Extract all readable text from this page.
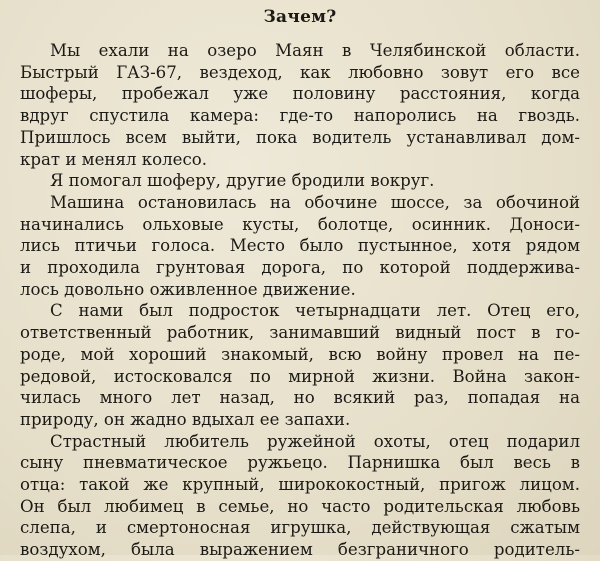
Зачем?
Мы ехали на озеро Маян в Челябинской области.
Быстрый ГАЗ-67, вездеход, как любовно зовут его все
шоферы, пробежал уже половину расстояния, когда
вдруг спустила камера: где-то напоролись на гвоздь.
Пришлось всем выйти, пока водитель устанавливал дом-
крат и менял колесо.
Я помогал шоферу, другие бродили вокруг.
Машина остановилась на обочине шоссе, за обочиной
начинались ольховые кусты, болотце, осинник. Доноси-
лись птичьи голоса. Место было пустынное, хотя рядом
и проходила грунтовая дорога, по которой поддержива-
лось довольно оживленное движение.
С нами был подросток четырнадцати лет. Отец его,
ответственный работник, занимавший видный пост в го-
роде, мой хороший знакомый, всю войну провел на пе-
редовой, истосковался по мирной жизни. Война закон-
чилась много лет назад, но всякий раз, попадая на
природу, он жадно вдыхал ее запахи.
Страстный любитель ружейной охоты, отец подарил
сыну пневматическое ружьецо. Парнишка был весь в
отца: такой же крупный, ширококостный, пригож лицом.
Он был любимец в семье, но часто родительская любовь
слепа, и смертоносная игрушка, действующая сжатым
воздухом, была выражением безграничного родитель-
